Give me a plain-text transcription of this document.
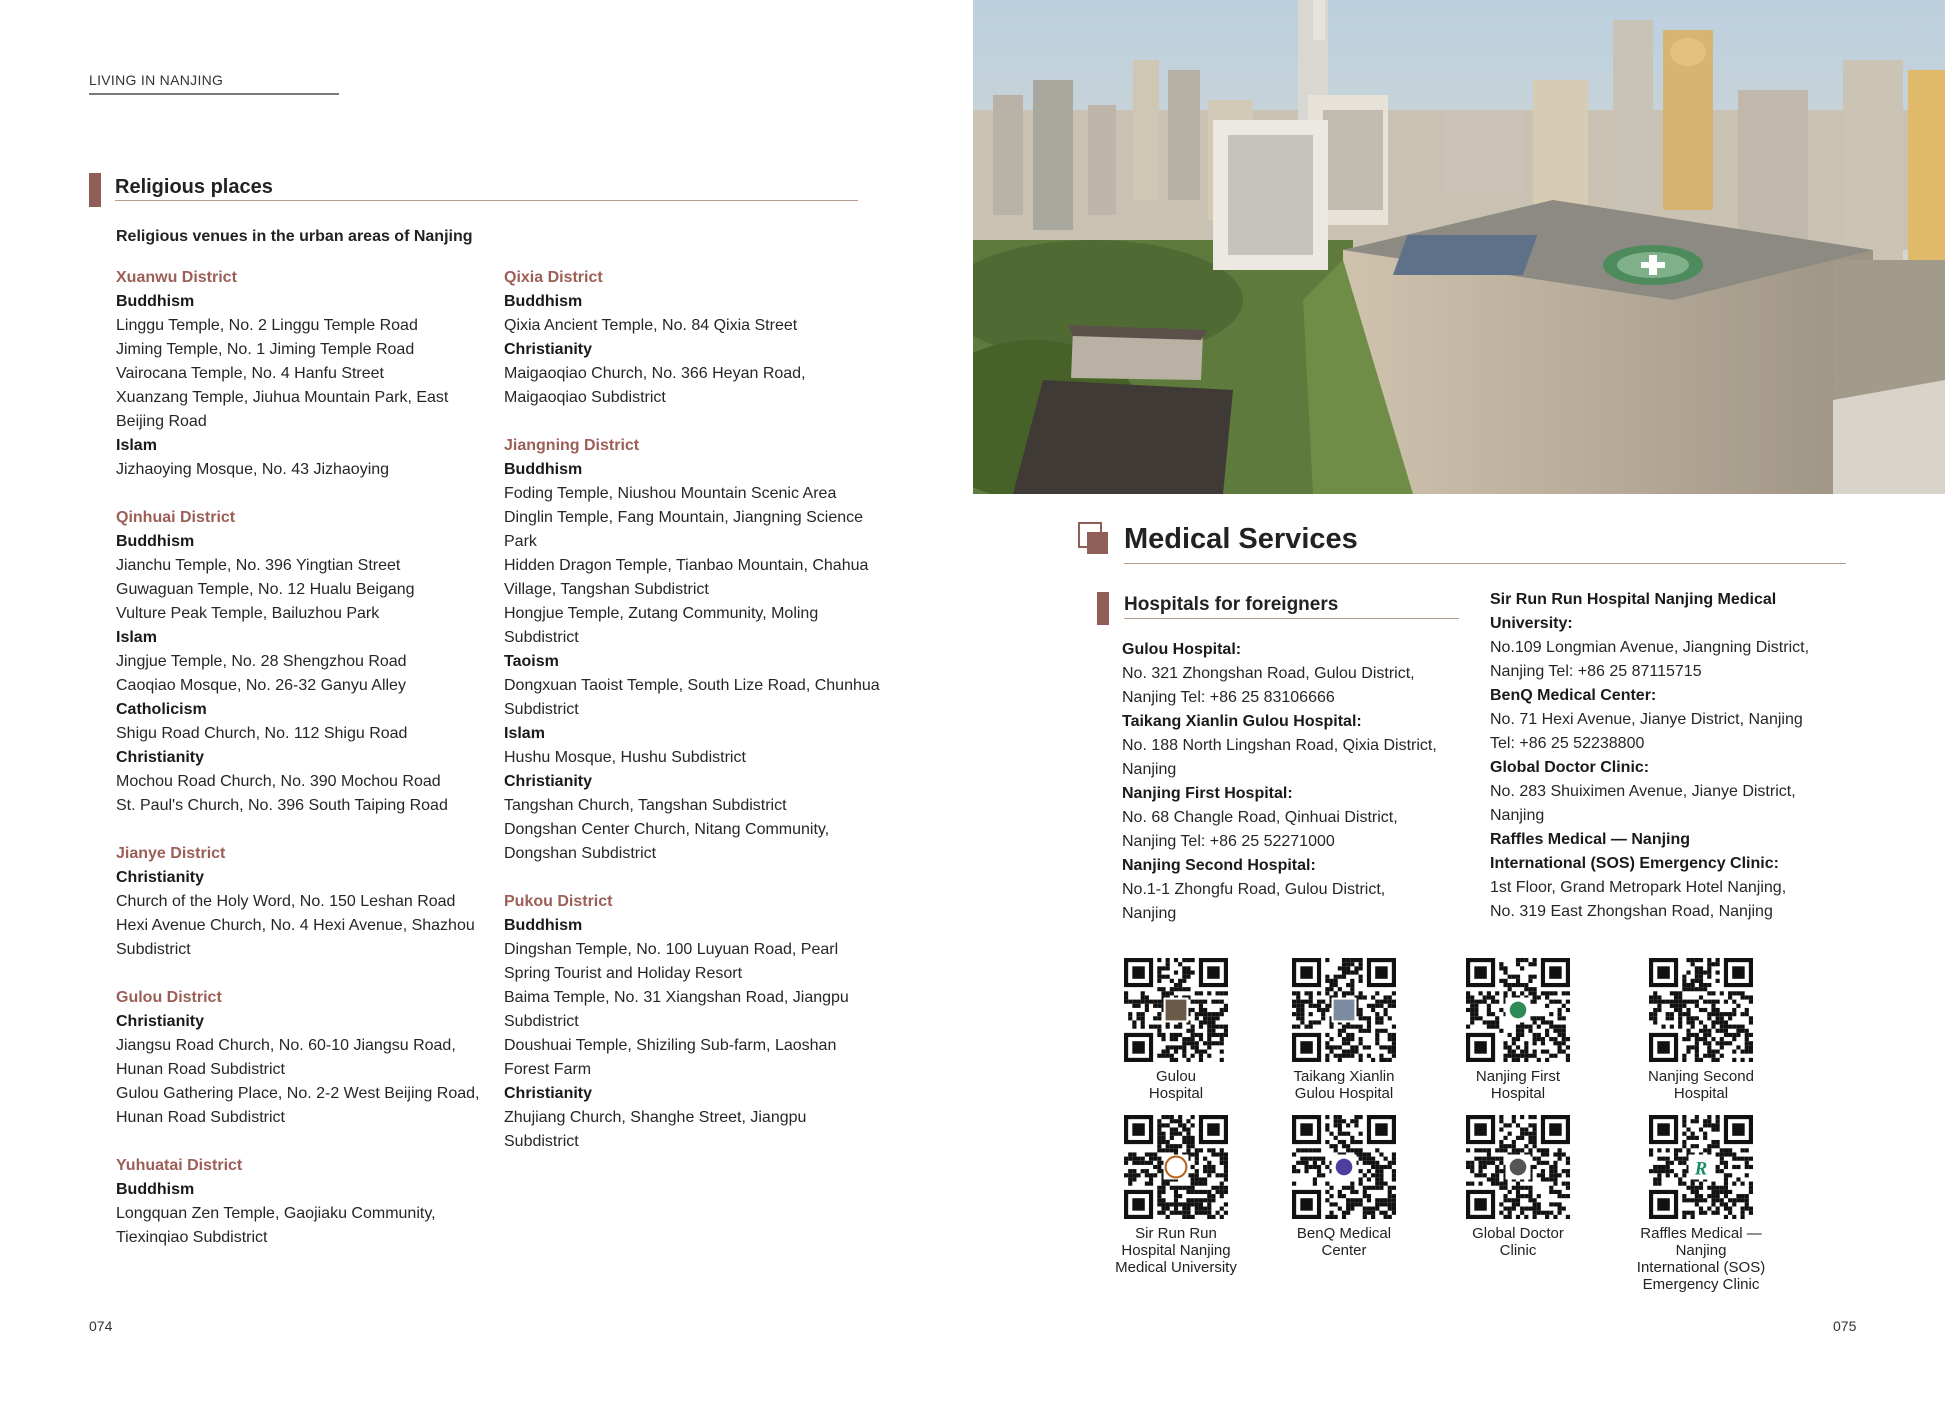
LIVING IN NANJING
Religious places
Religious venues in the urban areas of Nanjing
Xuanwu District
Buddhism
Linggu Temple, No. 2 Linggu Temple Road
Jiming Temple, No. 1 Jiming Temple Road
Vairocana Temple, No. 4 Hanfu Street
Xuanzang Temple, Jiuhua Mountain Park, East Beijing Road
Islam
Jizhaoying Mosque, No. 43 Jizhaoying
Qinhuai District
Buddhism
Jianchu Temple, No. 396 Yingtian Street
Guwaguan Temple, No. 12 Hualu Beigang
Vulture Peak Temple, Bailuzhou Park
Islam
Jingjue Temple, No. 28 Shengzhou Road
Caoqiao Mosque, No. 26-32 Ganyu Alley
Catholicism
Shigu Road Church, No. 112 Shigu Road
Christianity
Mochou Road Church, No. 390 Mochou Road
St. Paul's Church, No. 396 South Taiping Road
Jianye District
Christianity
Church of the Holy Word, No. 150 Leshan Road
Hexi Avenue Church, No. 4 Hexi Avenue, Shazhou Subdistrict
Gulou District
Christianity
Jiangsu Road Church, No. 60-10 Jiangsu Road, Hunan Road Subdistrict
Gulou Gathering Place, No. 2-2 West Beijing Road, Hunan Road Subdistrict
Yuhuatai District
Buddhism
Longquan Zen Temple, Gaojiaku Community, Tiexinqiao Subdistrict
Qixia District
Buddhism
Qixia Ancient Temple, No. 84 Qixia Street
Christianity
Maigaoqiao Church, No. 366 Heyan Road, Maigaoqiao Subdistrict
Jiangning District
Buddhism
Foding Temple, Niushou Mountain Scenic Area
Dinglin Temple, Fang Mountain, Jiangning Science Park
Hidden Dragon Temple, Tianbao Mountain, Chahua Village, Tangshan Subdistrict
Hongjue Temple, Zutang Community, Moling Subdistrict
Taoism
Dongxuan Taoist Temple, South Lize Road, Chunhua Subdistrict
Islam
Hushu Mosque, Hushu Subdistrict
Christianity
Tangshan Church, Tangshan Subdistrict
Dongshan Center Church, Nitang Community, Dongshan Subdistrict
Pukou District
Buddhism
Dingshan Temple, No. 100 Luyuan Road, Pearl Spring Tourist and Holiday Resort
Baima Temple, No. 31 Xiangshan Road, Jiangpu Subdistrict
Doushuai Temple, Shiziling Sub-farm, Laoshan Forest Farm
Christianity
Zhujiang Church, Shanghe Street, Jiangpu Subdistrict
074
Medical Services
Hospitals for foreigners
Gulou Hospital:
No. 321 Zhongshan Road, Gulou District,
Nanjing Tel: +86 25 83106666
Taikang Xianlin Gulou Hospital:
No. 188 North Lingshan Road, Qixia District,
Nanjing
Nanjing First Hospital:
No. 68 Changle Road, Qinhuai District,
Nanjing Tel: +86 25 52271000
Nanjing Second Hospital:
No.1-1 Zhongfu Road, Gulou District,
Nanjing
Sir Run Run Hospital Nanjing Medical
University:
No.109 Longmian Avenue, Jiangning District,
Nanjing Tel: +86 25 87115715
BenQ Medical Center:
No. 71 Hexi Avenue, Jianye District, Nanjing
Tel: +86 25 52238800
Global Doctor Clinic:
No. 283 Shuiximen Avenue, Jianye District,
Nanjing
Raffles Medical — Nanjing
International (SOS) Emergency Clinic:
1st Floor, Grand Metropark Hotel Nanjing,
No. 319 East Zhongshan Road, Nanjing
Gulou
Hospital
Taikang Xianlin
Gulou Hospital
Nanjing First
Hospital
Nanjing Second
Hospital
Sir Run Run
Hospital Nanjing
Medical University
BenQ Medical
Center
Global Doctor
Clinic
R
Raffles Medical — Nanjing
International (SOS)
Emergency Clinic
075
